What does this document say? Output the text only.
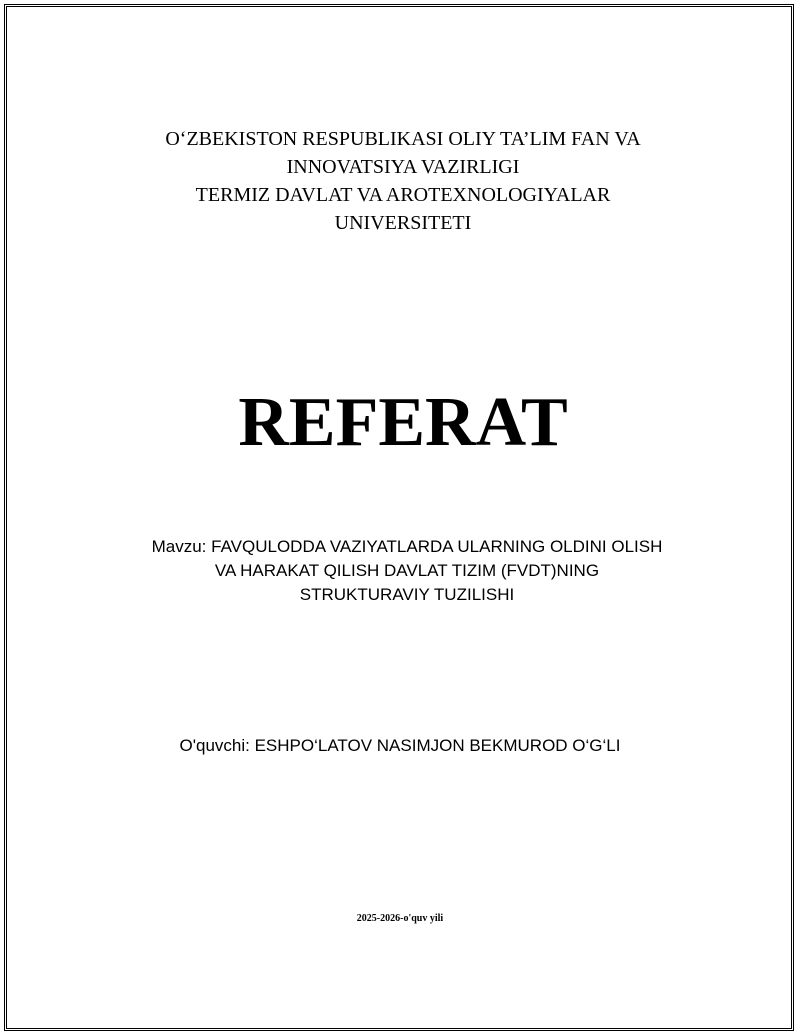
O‘ZBEKISTON RESPUBLIKASI OLIY TA’LIM FAN VA
INNOVATSIYA VAZIRLIGI
TERMIZ DAVLAT VA AROTEXNOLOGIYALAR
UNIVERSITETI
REFERAT
Mavzu: FAVQULODDA VAZIYATLARDA ULARNING OLDINI OLISH
VA HARAKAT QILISH DAVLAT TIZIM (FVDT)NING
STRUKTURAVIY TUZILISHI
O'quvchi: ESHPO‘LATOV NASIMJON BEKMUROD O‘G‘LI
2025-2026-o'quv yili
